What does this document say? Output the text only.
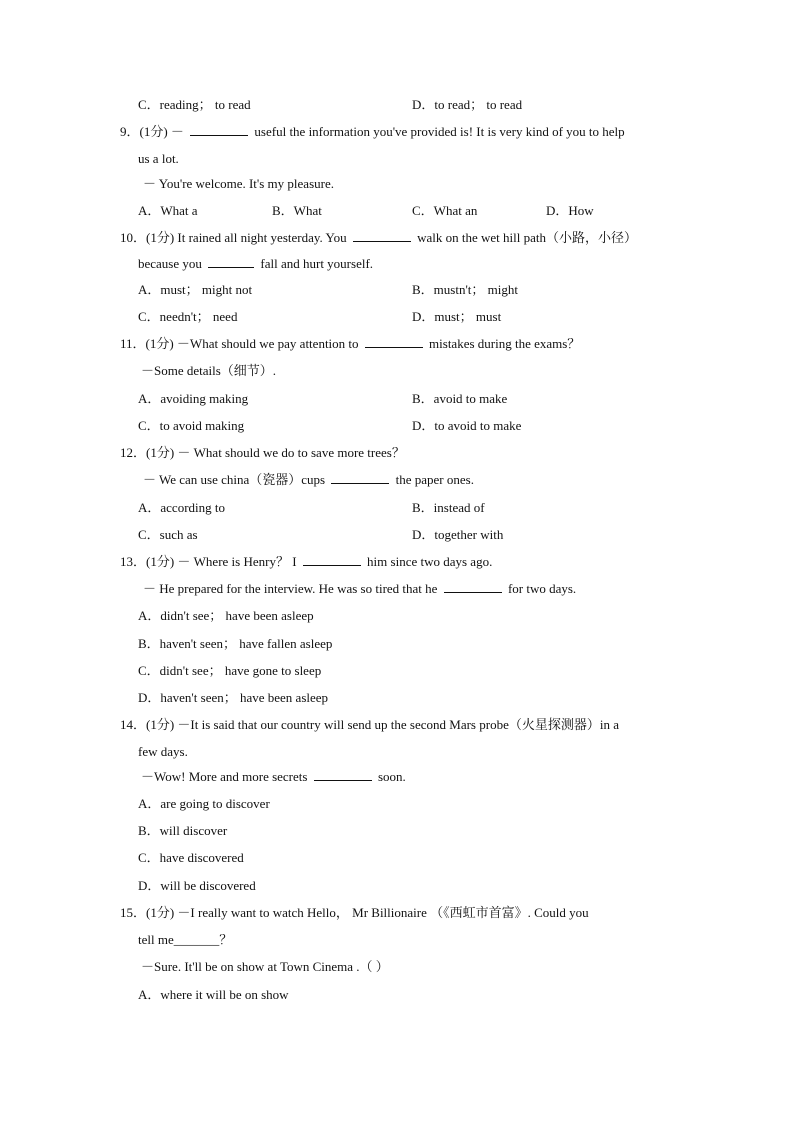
C．reading； to read	D．to read； to read
9．(1分) －	useful the information you've provided is! It is very kind of you to help
us a lot.
－ You're welcome. It's my pleasure.
A．What a	B．What	C．What an	D．How
10．(1分) It rained all night yesterday. You	walk on the wet hill path（小路，小径）
because you	fall and hurt yourself.
A．must； might not	B．mustn't； might
C．needn't； need	D．must； must
11．(1分) －What should we pay attention to	mistakes during the exams？
－Some details（细节）.
A．avoiding making	B．avoid to make
C．to avoid making	D．to avoid to make
12．(1分) － What should we do to save more trees？
－ We can use china（瓷器）cups	the paper ones.
A．according to	B．instead of
C．such as	D．together with
13．(1分) － Where is Henry？ I	him since two days ago.
－ He prepared for the interview. He was so tired that he	for two days.
A．didn't see； have been asleep
B．haven't seen； have fallen asleep
C．didn't see； have gone to sleep
D．haven't seen； have been asleep
14．(1分) －It is said that our country will send up the second Mars probe（火星探测器）in a
few days.
－Wow! More and more secrets	soon.
A．are going to discover
B．will discover
C．have discovered
D．will be discovered
15．(1分) －I really want to watch Hello， Mr Billionaire （《西虹市首富》. Could you
tell me_______？
－Sure. It'll be on show at Town Cinema .（ ）
A．where it will be on show
